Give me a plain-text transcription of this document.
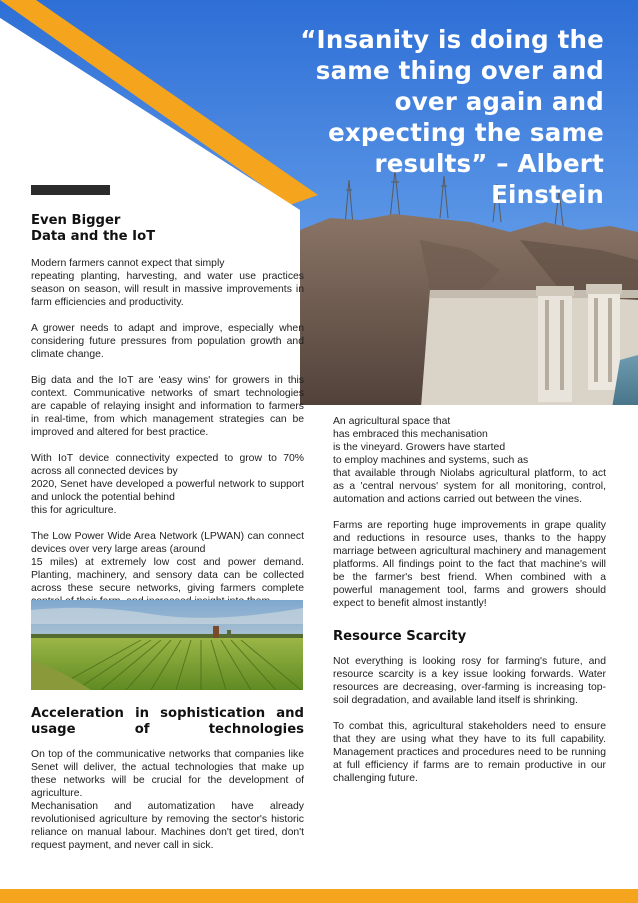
“Insanity is doing the same thing over and over again and expecting the same results” – Albert Einstein
Even Bigger
Data and the IoT

Modern farmers cannot expect that simply
repeating planting, harvesting, and water use practices season on season, will result in massive improvements in farm efficiencies and productivity.

A grower needs to adapt and improve, especially when considering future pressures from population growth and climate change.

Big data and the IoT are 'easy wins' for growers in this context. Communicative networks of smart technologies are capable of relaying insight and information to farmers in real-time, from which management strategies can be improved and altered for best practice.

With IoT device connectivity expected to grow to 70% across all connected devices by
2020, Senet have developed a powerful network to support and unlock the potential behind
this for agriculture.

The Low Power Wide Area Network (LPWAN) can connect devices over very large areas (around
15 miles) at extremely low cost and power demand. Planting, machinery, and sensory data can be collected across these secure networks, giving farmers complete

Acceleration in sophistication and usage of technologies

On top of the communicative networks that companies like Senet will deliver, the actual technologies that make up these networks will be crucial for the development of agriculture.
Mechanisation and automatization have already revolutionised agriculture by removing the sector's historic reliance on manual labour. Machines don't get tired, don't request payment, and never call in sick.

An agricultural space that
has embraced this mechanisation
is the vineyard. Growers have started
to employ machines and systems, such as
that available through Niolabs agricultural platform, to act as a 'central nervous' system for all monitoring, control, automation and actions carried out between the vines.

Farms are reporting huge improvements in grape quality and reductions in resource uses, thanks to the happy marriage between agricultural machinery and management platforms. All findings point to the fact that machine's will be the farmer's best friend. When combined with a powerful management tool, farms and growers should expect to benefit almost instantly!

Resource Scarcity

Not everything is looking rosy for farming's future, and resource scarcity is a key issue looking forwards. Water resources are decreasing, over-farming is increasing top-soil degradation, and available land itself is shrinking.

To combat this, agricultural stakeholders need to ensure that they are using what they have to its full capability. Management practices and procedures need to be running at full efficiency if farms are to remain productive in our challenging future.
